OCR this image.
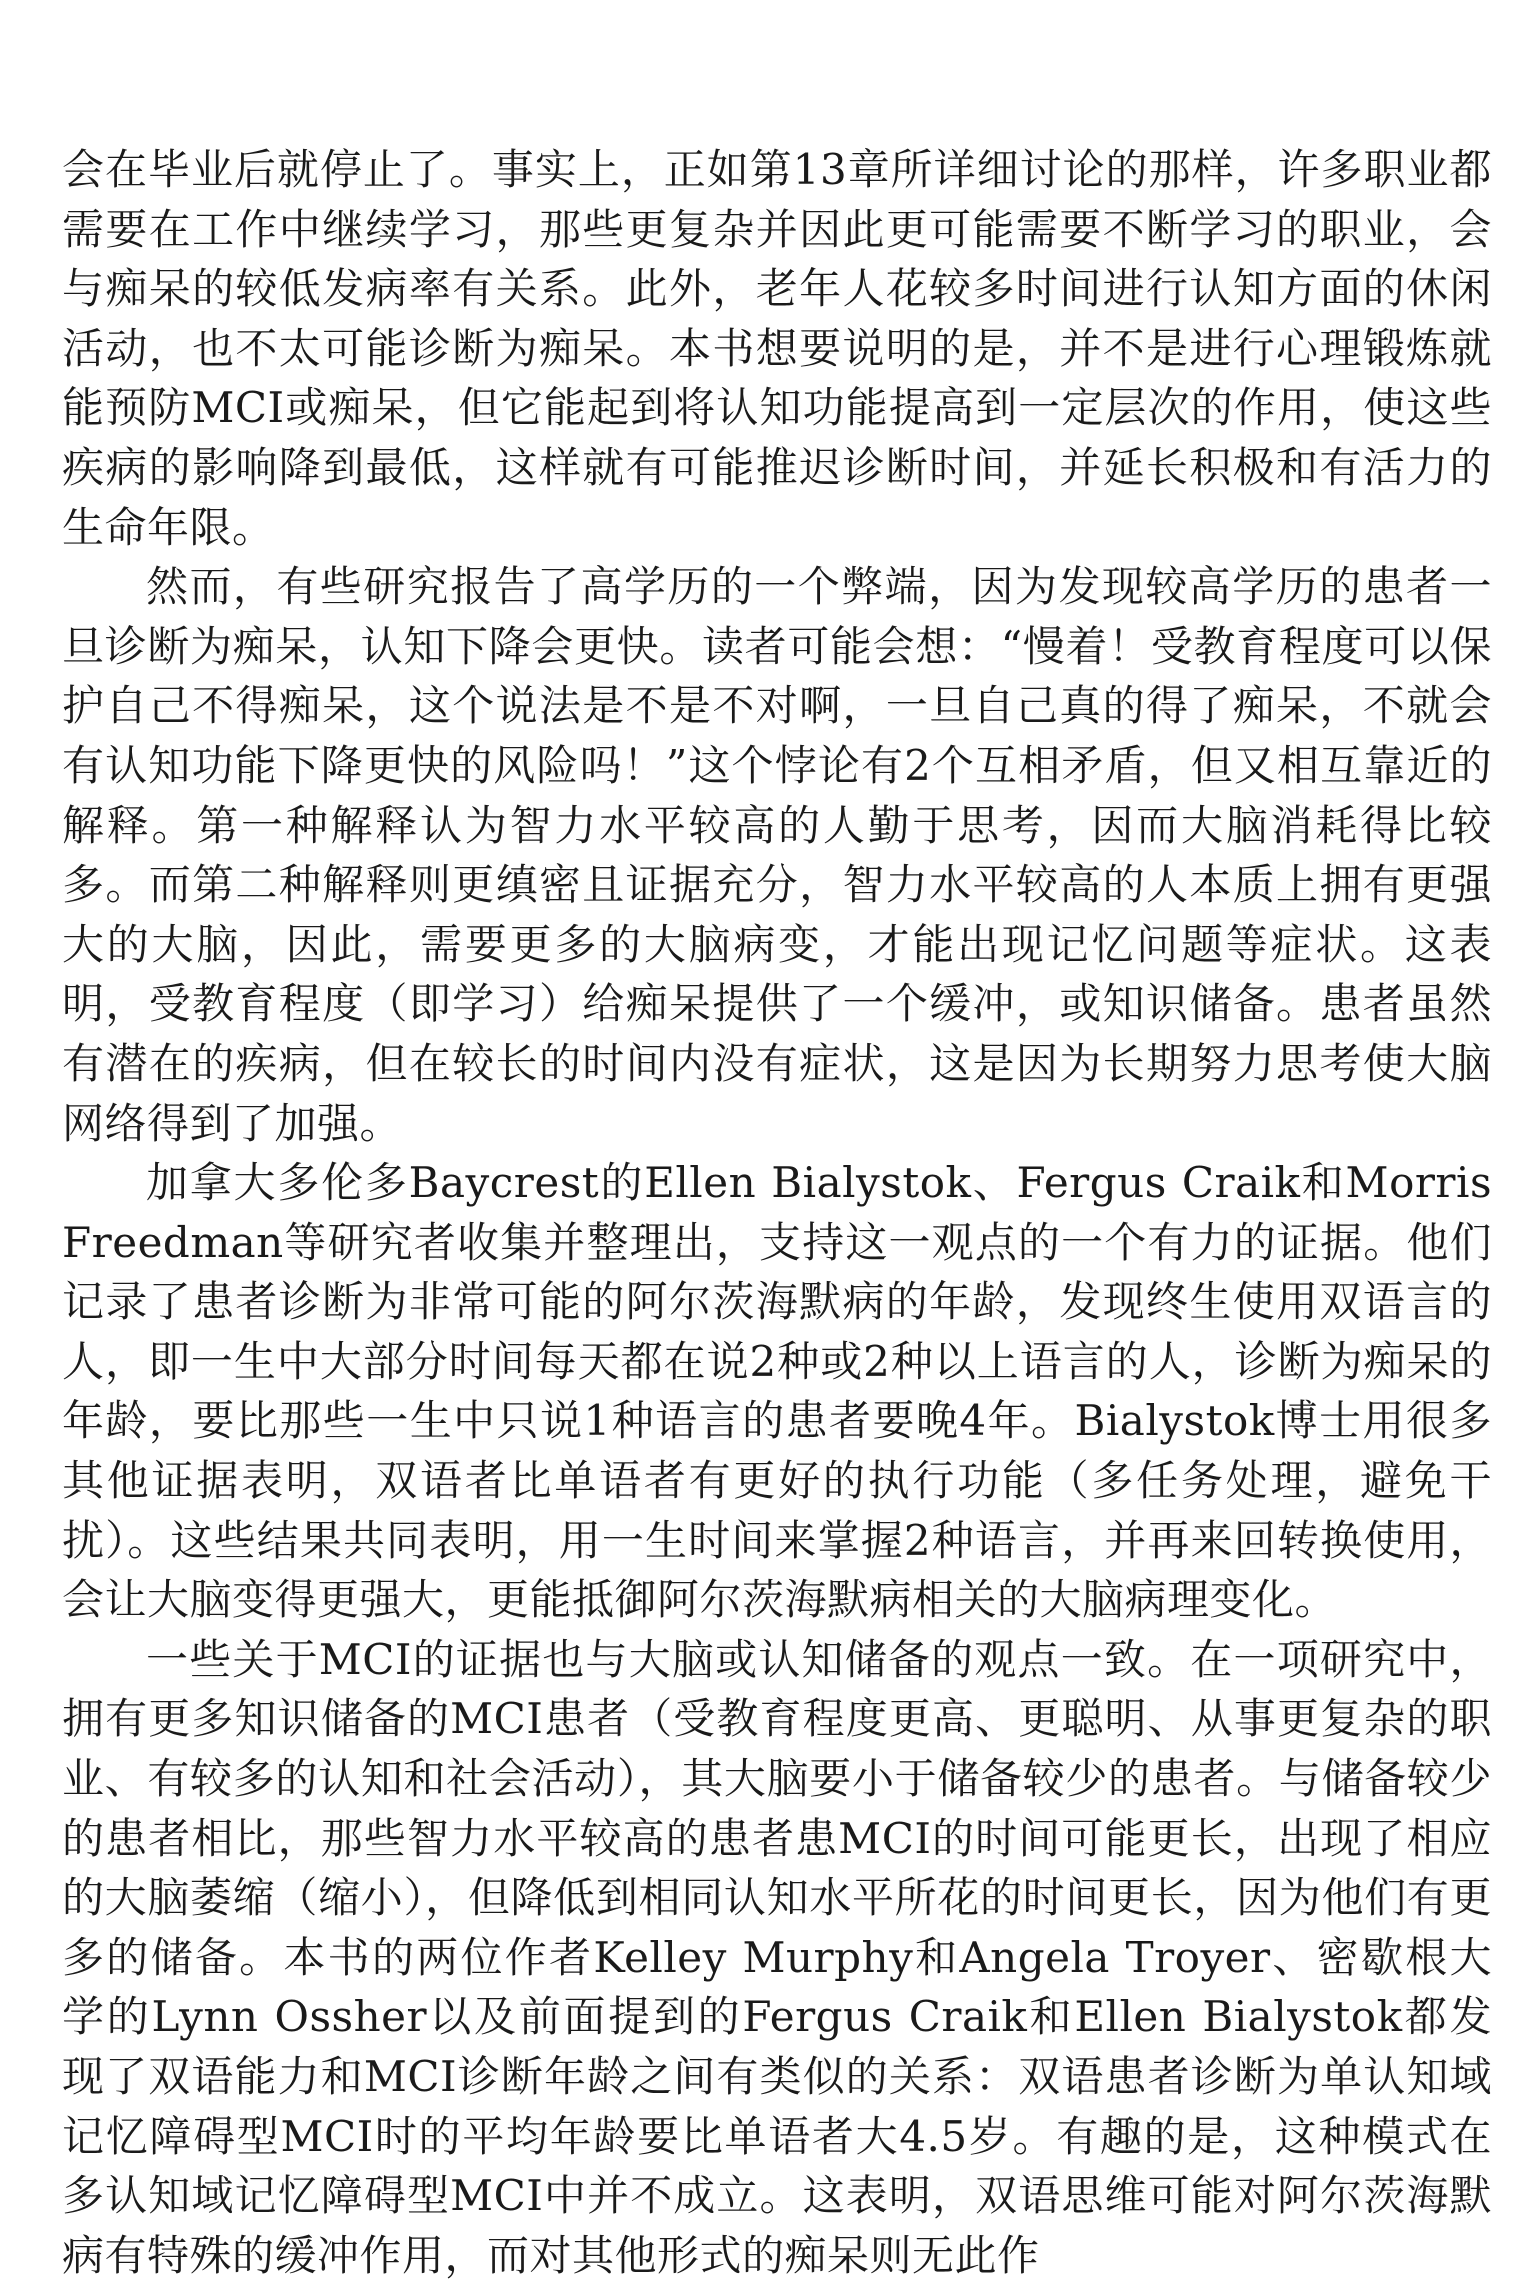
会在毕业后就停止了。事实上，正如第13章所详细讨论的那样，许多职业都需要在工作中继续学习，那些更复杂并因此更可能需要不断学习的职业，会与痴呆的较低发病率有关系。此外，老年人花较多时间进行认知方面的休闲活动，也不太可能诊断为痴呆。本书想要说明的是，并不是进行心理锻炼就能预防MCI或痴呆，但它能起到将认知功能提高到一定层次的作用，使这些疾病的影响降到最低，这样就有可能推迟诊断时间，并延长积极和有活力的生命年限。

然而，有些研究报告了高学历的一个弊端，因为发现较高学历的患者一旦诊断为痴呆，认知下降会更快。读者可能会想：“慢着！受教育程度可以保护自己不得痴呆，这个说法是不是不对啊，一旦自己真的得了痴呆，不就会有认知功能下降更快的风险吗！”这个悖论有2个互相矛盾，但又相互靠近的解释。第一种解释认为智力水平较高的人勤于思考，因而大脑消耗得比较多。而第二种解释则更缜密且证据充分，智力水平较高的人本质上拥有更强大的大脑，因此，需要更多的大脑病变，才能出现记忆问题等症状。这表明，受教育程度（即学习）给痴呆提供了一个缓冲，或知识储备。患者虽然有潜在的疾病，但在较长的时间内没有症状，这是因为长期努力思考使大脑网络得到了加强。

加拿大多伦多Baycrest的Ellen Bialystok、Fergus Craik和Morris Freedman等研究者收集并整理出，支持这一观点的一个有力的证据。他们记录了患者诊断为非常可能的阿尔茨海默病的年龄，发现终生使用双语言的人，即一生中大部分时间每天都在说2种或2种以上语言的人，诊断为痴呆的年龄，要比那些一生中只说1种语言的患者要晚4年。Bialystok博士用很多其他证据表明，双语者比单语者有更好的执行功能（多任务处理，避免干扰）。这些结果共同表明，用一生时间来掌握2种语言，并再来回转换使用，会让大脑变得更强大，更能抵御阿尔茨海默病相关的大脑病理变化。

一些关于MCI的证据也与大脑或认知储备的观点一致。在一项研究中，拥有更多知识储备的MCI患者（受教育程度更高、更聪明、从事更复杂的职业、有较多的认知和社会活动），其大脑要小于储备较少的患者。与储备较少的患者相比，那些智力水平较高的患者患MCI的时间可能更长，出现了相应的大脑萎缩（缩小），但降低到相同认知水平所花的时间更长，因为他们有更多的储备。本书的两位作者Kelley Murphy和Angela Troyer、密歇根大学的Lynn Ossher以及前面提到的Fergus Craik和Ellen Bialystok都发现了双语能力和MCI诊断年龄之间有类似的关系：双语患者诊断为单认知域记忆障碍型MCI时的平均年龄要比单语者大4.5岁。有趣的是，这种模式在多认知域记忆障碍型MCI中并不成立。这表明，双语思维可能对阿尔茨海默病有特殊的缓冲作用，而对其他形式的痴呆则无此作
